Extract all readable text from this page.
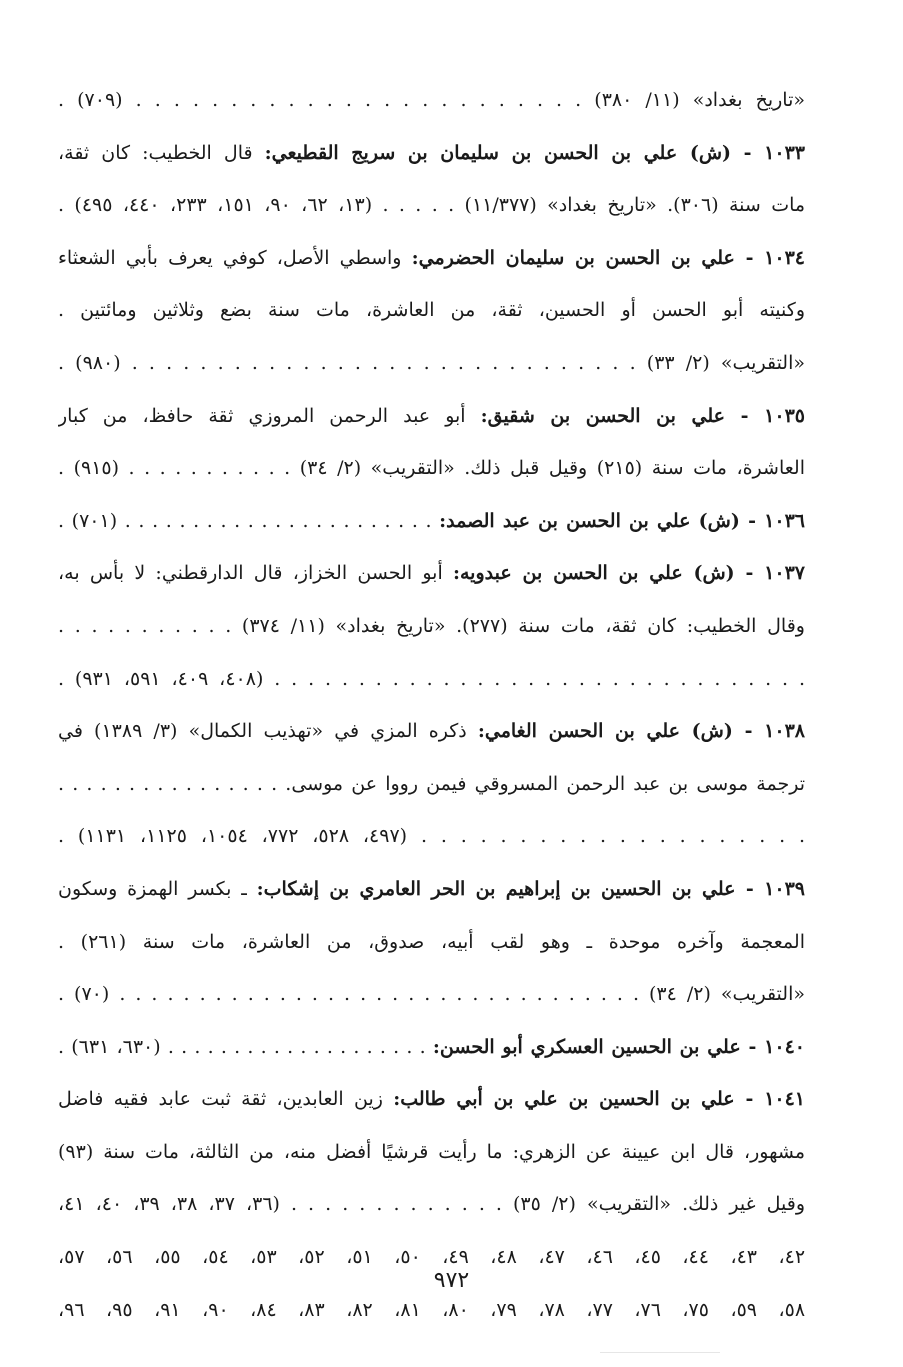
«تاريخ بغداد» (١١/ ٣٨٠) . . . . . . . . . . . . . . . . . . . . . . . . (٧٠٩) .
١٠٣٣ - (ش) علي بن الحسن بن سليمان بن سريج القطيعي: قال الخطيب: كان ثقة،
مات سنة (٣٠٦). «تاريخ بغداد» (١١/٣٧٧) . . . . . (١٣، ٦٢، ٩٠، ١٥١، ٢٣٣، ٤٤٠، ٤٩٥) .
١٠٣٤ - علي بن الحسن بن سليمان الحضرمي: واسطي الأصل، كوفي يعرف بأبي الشعثاء
وكنيته أبو الحسن أو الحسين، ثقة، من العاشرة، مات سنة بضع وثلاثين ومائتين .
«التقريب» (٢/ ٣٣) . . . . . . . . . . . . . . . . . . . . . . . . . . . . . . (٩٨٠) .
١٠٣٥ - علي بن الحسن بن شقيق: أبو عبد الرحمن المروزي ثقة حافظ، من كبار
العاشرة، مات سنة (٢١٥) وقيل قبل ذلك. «التقريب» (٢/ ٣٤) . . . . . . . . . . . (٩١٥) .
١٠٣٦ - (ش) علي بن الحسن بن عبد الصمد: . . . . . . . . . . . . . . . . . . . . . . . (٧٠١) .
١٠٣٧ - (ش) علي بن الحسن بن عبدويه: أبو الحسن الخزاز، قال الدارقطني: لا بأس به،
وقال الخطيب: كان ثقة، مات سنة (٢٧٧). «تاريخ بغداد» (١١/ ٣٧٤) . . . . . . . . . . .
. . . . . . . . . . . . . . . . . . . . . . . . . . . . . . . . (٤٠٨، ٤٠٩، ٥٩١، ٩٣١) .
١٠٣٨ - (ش) علي بن الحسن الغامي: ذكره المزي في «تهذيب الكمال» (٣/ ١٣٨٩) في
ترجمة موسى بن عبد الرحمن المسروقي فيمن رووا عن موسى. . . . . . . . . . . . . . . . .
. . . . . . . . . . . . . . . . . . . . (٤٩٧، ٥٢٨، ٧٧٢، ١٠٥٤، ١١٢٥، ١١٣١) .
١٠٣٩ - علي بن الحسين بن إبراهيم بن الحر العامري بن إشكاب: ـ بكسر الهمزة وسكون
المعجمة وآخره موحدة ـ وهو لقب أبيه، صدوق، من العاشرة، مات سنة (٢٦١) .
«التقريب» (٢/ ٣٤) . . . . . . . . . . . . . . . . . . . . . . . . . . . . . . . . . (٧٠) .
١٠٤٠ - علي بن الحسين العسكري أبو الحسن: . . . . . . . . . . . . . . . . . . . . (٦٣٠، ٦٣١) .
١٠٤١ - علي بن الحسين بن علي بن أبي طالب: زين العابدين، ثقة ثبت عابد فقيه فاضل
مشهور، قال ابن عيينة عن الزهري: ما رأيت قرشيًا أفضل منه، من الثالثة، مات سنة (٩٣)
وقيل غير ذلك. «التقريب» (٢/ ٣٥) . . . . . . . . . . . . . (٣٦، ٣٧، ٣٨، ٣٩، ٤٠، ٤١،
٤٢، ٤٣، ٤٤، ٤٥، ٤٦، ٤٧، ٤٨، ٤٩، ٥٠، ٥١، ٥٢، ٥٣، ٥٤، ٥٥، ٥٦، ٥٧،
٥٨، ٥٩، ٧٥، ٧٦، ٧٧، ٧٨، ٧٩، ٨٠، ٨١، ٨٢، ٨٣، ٨٤، ٩٠، ٩١، ٩٥، ٩٦،
٩٧٢
